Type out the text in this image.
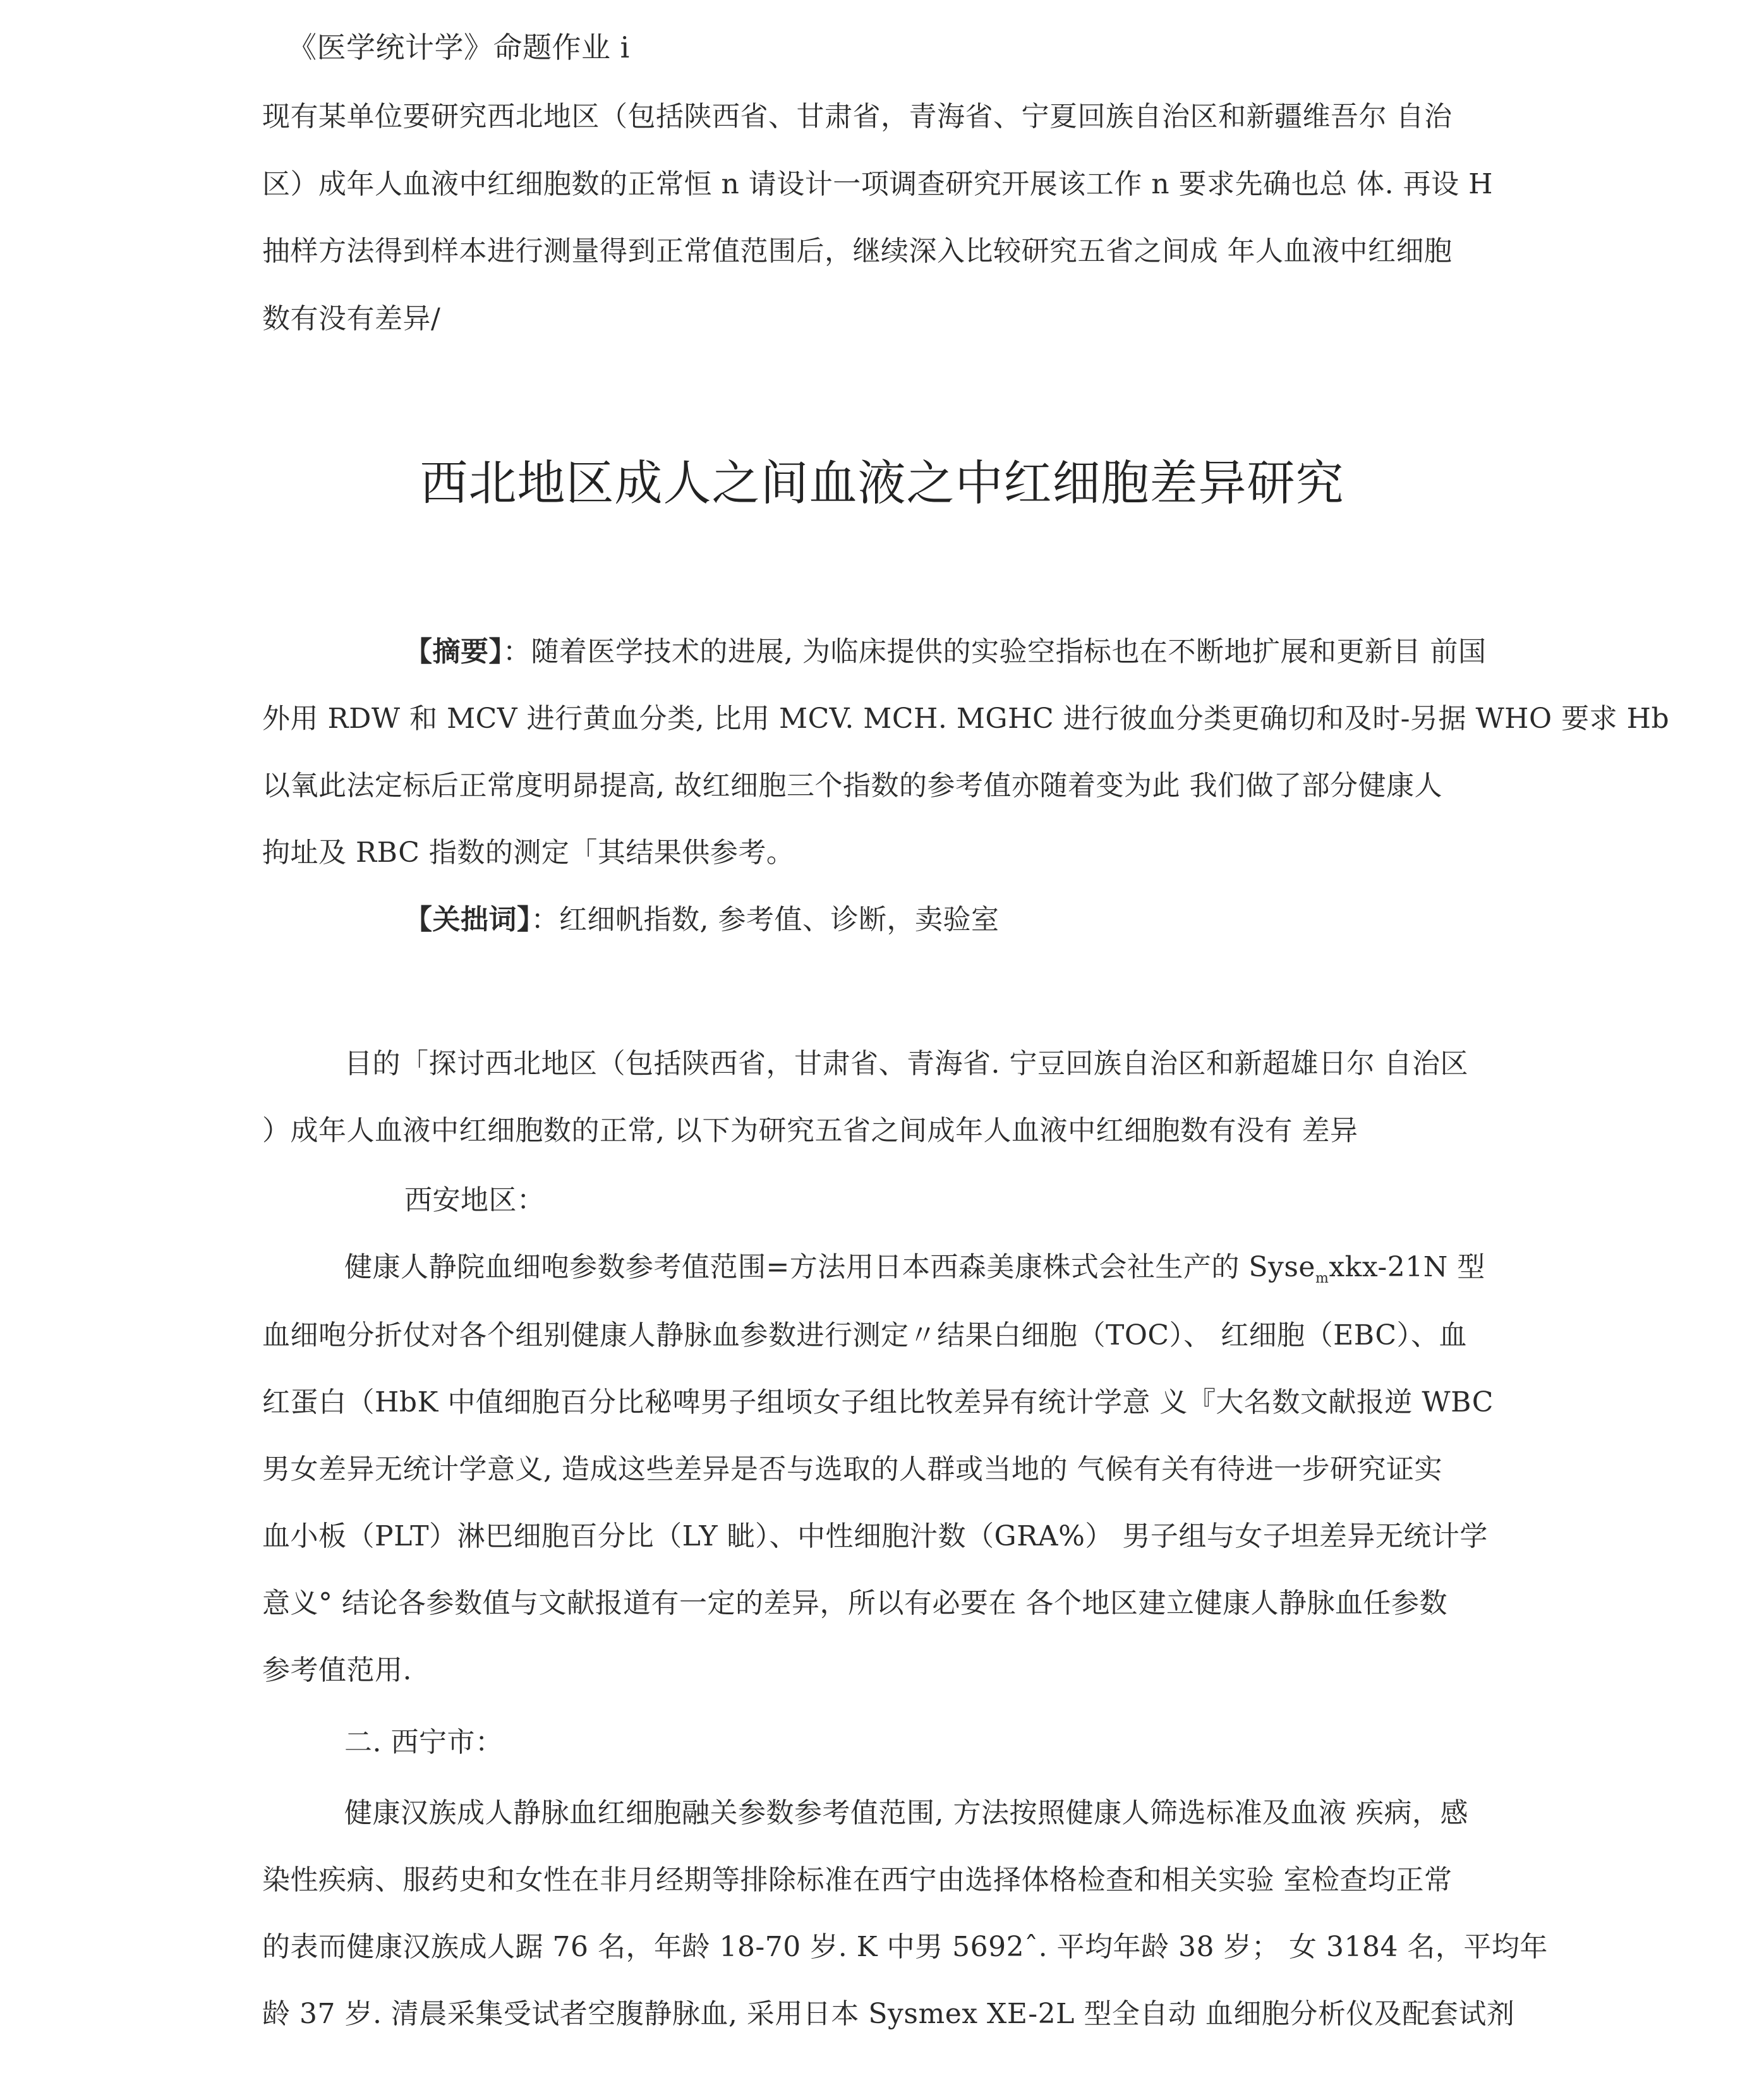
《医学统计学》命题作业 i
现有某单位要研究西北地区（包括陕西省、甘肃省，青海省、宁夏回族自治区和新疆维吾尔 自治
区）成年人血液中红细胞数的正常恒 n 请设计一项调查研究开展该工作 n 要求先确也总 体. 再设 H
抽样方法得到样本进行测量得到正常值范围后，继续深入比较研究五省之间成 年人血液中红细胞
数有没有差异/
西北地区成人之间血液之中红细胞差异研究
【摘要】：随着医学技术的进展, 为临床提供的实验空指标也在不断地扩展和更新目 前国
外用 RDW 和 MCV 进行黄血分类, 比用 MCV. MCH. MGHC 进行彼血分类更确切和及时-另据 WHO 要求 Hb
以氧此法定标后正常度明昴提高, 故红细胞三个指数的参考值亦随着变为此 我们做了部分健康人
拘址及 RBC 指数的测定「其结果供参考。
【关拙词】：红细帆指数, 参考值、诊断，卖验室
目的「探讨西北地区（包括陕西省，甘肃省、青海省. 宁豆回族自治区和新超雄日尔 自治区
）成年人血液中红细胞数的正常, 以下为研究五省之间成年人血液中红细胞数有没有 差异
西安地区：
健康人静院血细咆参数参考值范围=方法用日本西森美康株式会社生产的 Syse$_m$xkx-21N 型
血细咆分折仗对各个组别健康人静脉血参数进行测定〃结果白细胞（TOC）、 红细胞（EBC）、血
红蛋白（HbK 中值细胞百分比秘啤男子组顷女子组比牧差异有统计学意 义『大名数文献报逆 WBC
男女差异无统计学意义, 造成这些差异是否与选取的人群或当地的 气候有关有待进一步研究证实
血小板（PLT）淋巴细胞百分比（LY 眦）、中性细胞汁数（GRA%） 男子组与女子坦差异无统计学
意义° 结论各参数值与文献报道有一定的差异，所以有必要在 各个地区建立健康人静脉血任参数
参考值范用.
二. 西宁市：
健康汉族成人静脉血红细胞融关参数参考值范围, 方法按照健康人筛选标准及血液 疾病，感
染性疾病、服药史和女性在非月经期等排除标准在西宁由选择体格检查和相关实验 室检查均正常
的表而健康汉族成人踞 76 名，年龄 18-70 岁. K 中男 5692ˆ. 平均年龄 38 岁； 女 3184 名，平均年
龄 37 岁. 清晨采集受试者空腹静脉血, 采用日本 Sysmex XE-2L 型全自动 血细胞分析仪及配套试剂
